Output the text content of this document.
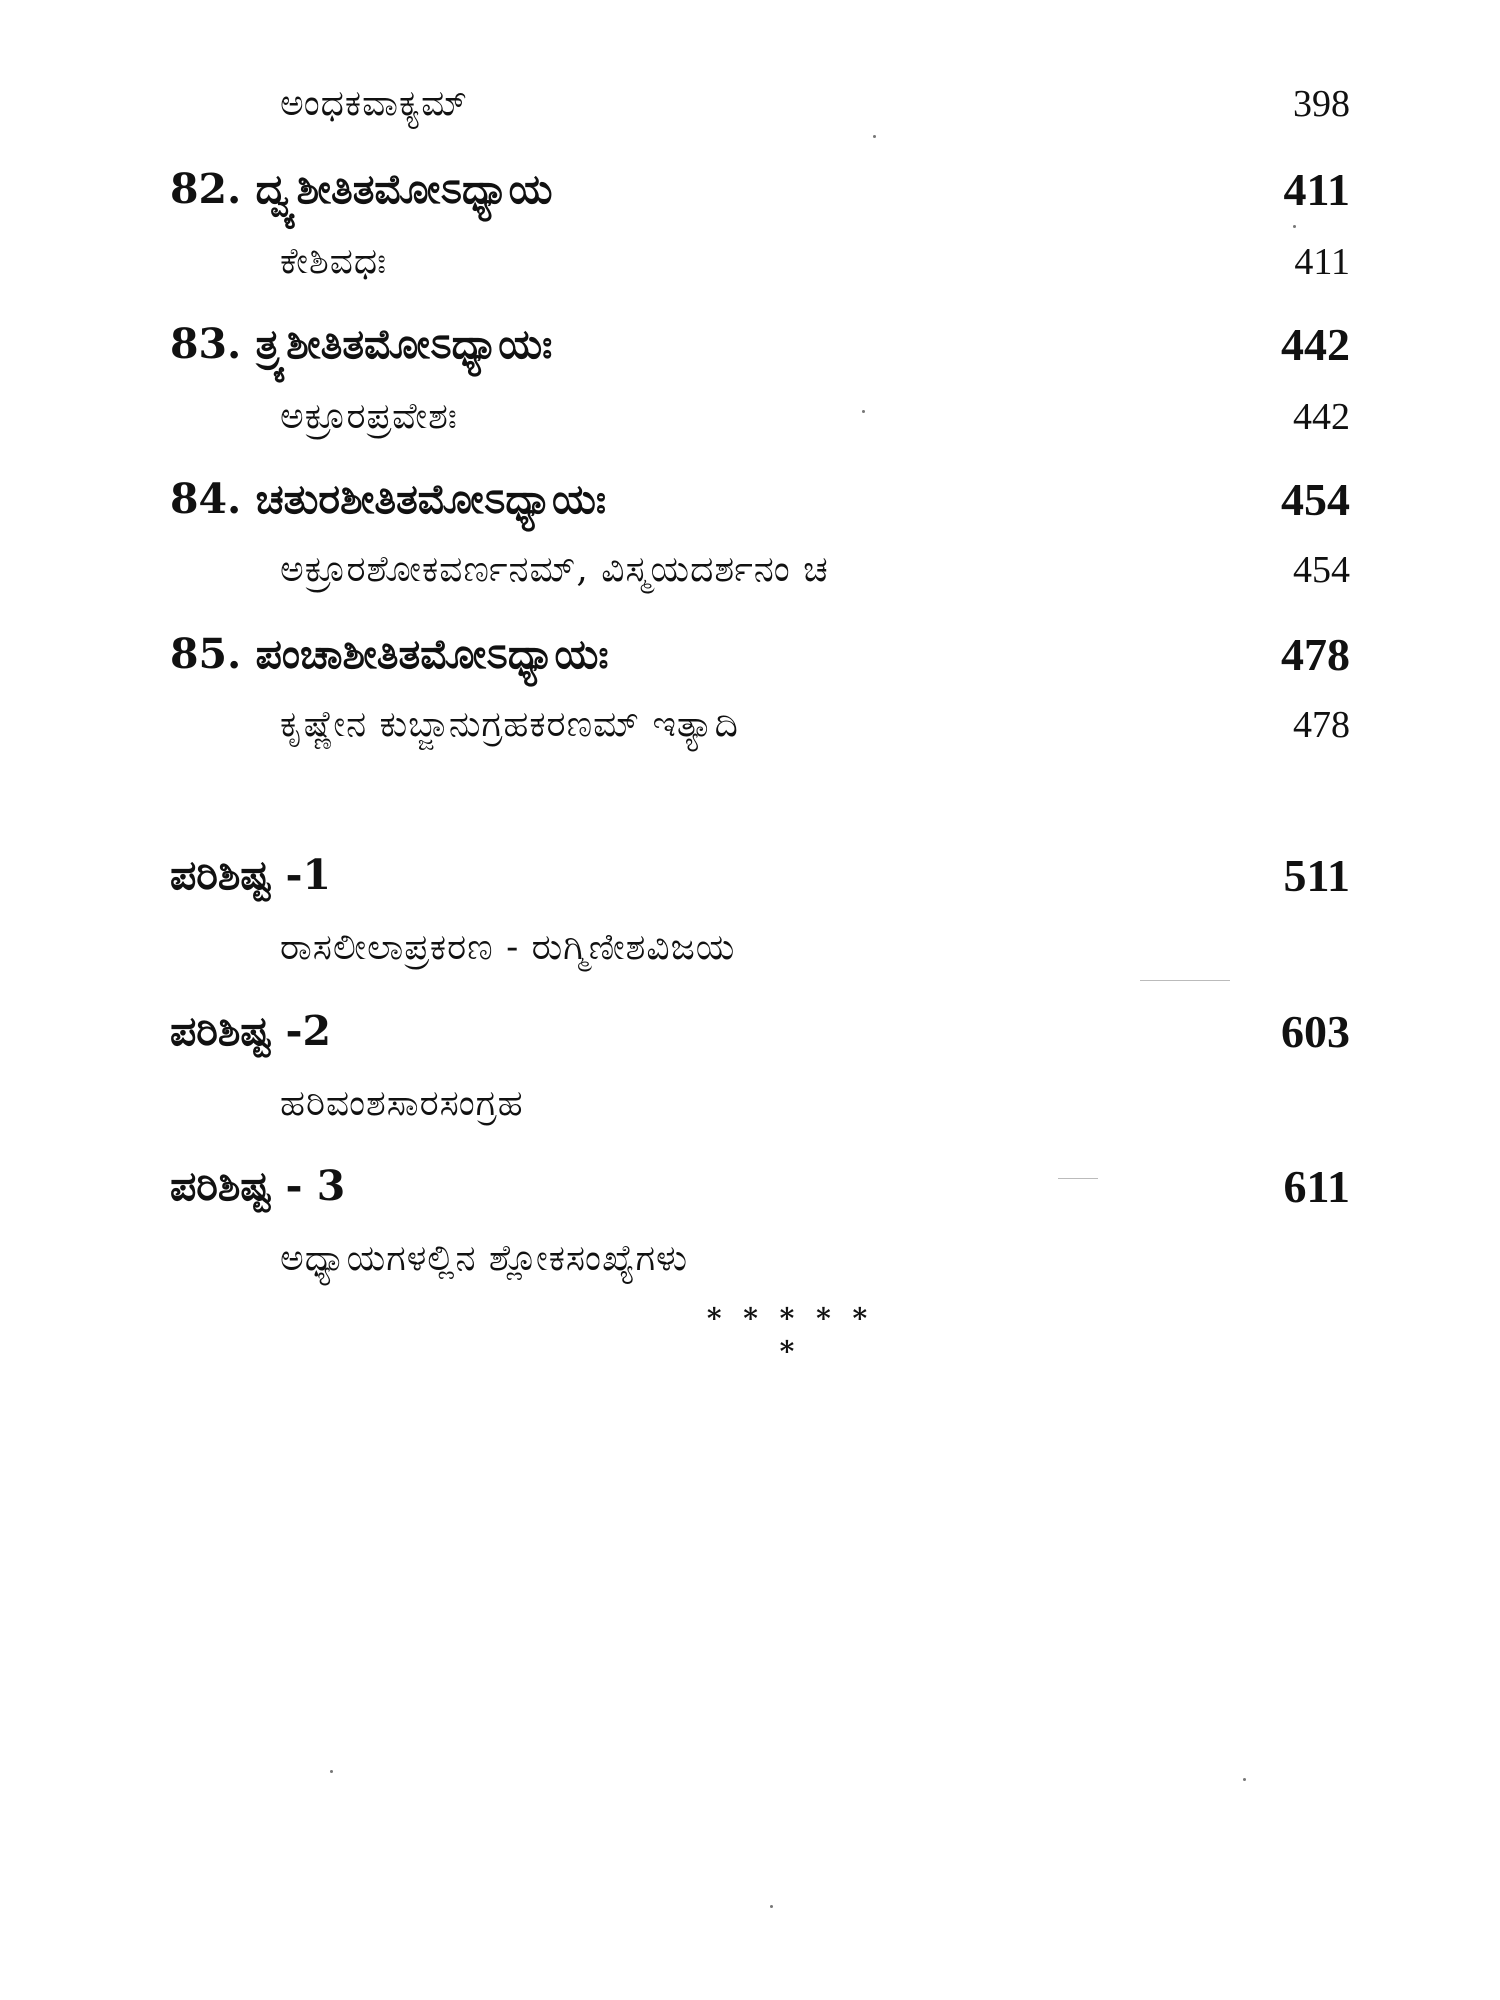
ಅಂಧಕವಾಕ್ಯಮ್	398
82. ದ್ವ್ಯಶೀತಿತಮೋಽಧ್ಯಾಯ	411
ಕೇಶಿವಧಃ	411
83. ತ್ರ್ಯಶೀತಿತಮೋಽಧ್ಯಾಯಃ	442
ಅಕ್ರೂರಪ್ರವೇಶಃ	442
84. ಚತುರಶೀತಿತಮೋಽಧ್ಯಾಯಃ	454
ಅಕ್ರೂರಶೋಕವರ್ಣನಮ್, ವಿಸ್ಮಯದರ್ಶನಂ ಚ	454
85. ಪಂಚಾಶೀತಿತಮೋಽಧ್ಯಾಯಃ	478
ಕೃಷ್ಣೇನ ಕುಬ್ಜಾನುಗ್ರಹಕರಣಮ್ ಇತ್ಯಾದಿ	478
ಪರಿಶಿಷ್ಟ -1	511
ರಾಸಲೀಲಾಪ್ರಕರಣ - ರುಗ್ಮಿಣೀಶವಿಜಯ
ಪರಿಶಿಷ್ಟ -2	603
ಹರಿವಂಶಸಾರಸಂಗ್ರಹ
ಪರಿಶಿಷ್ಟ - 3	611
ಅಧ್ಯಾಯಗಳಲ್ಲಿನ ಶ್ಲೋಕಸಂಖ್ಯೆಗಳು
* * * * * *
